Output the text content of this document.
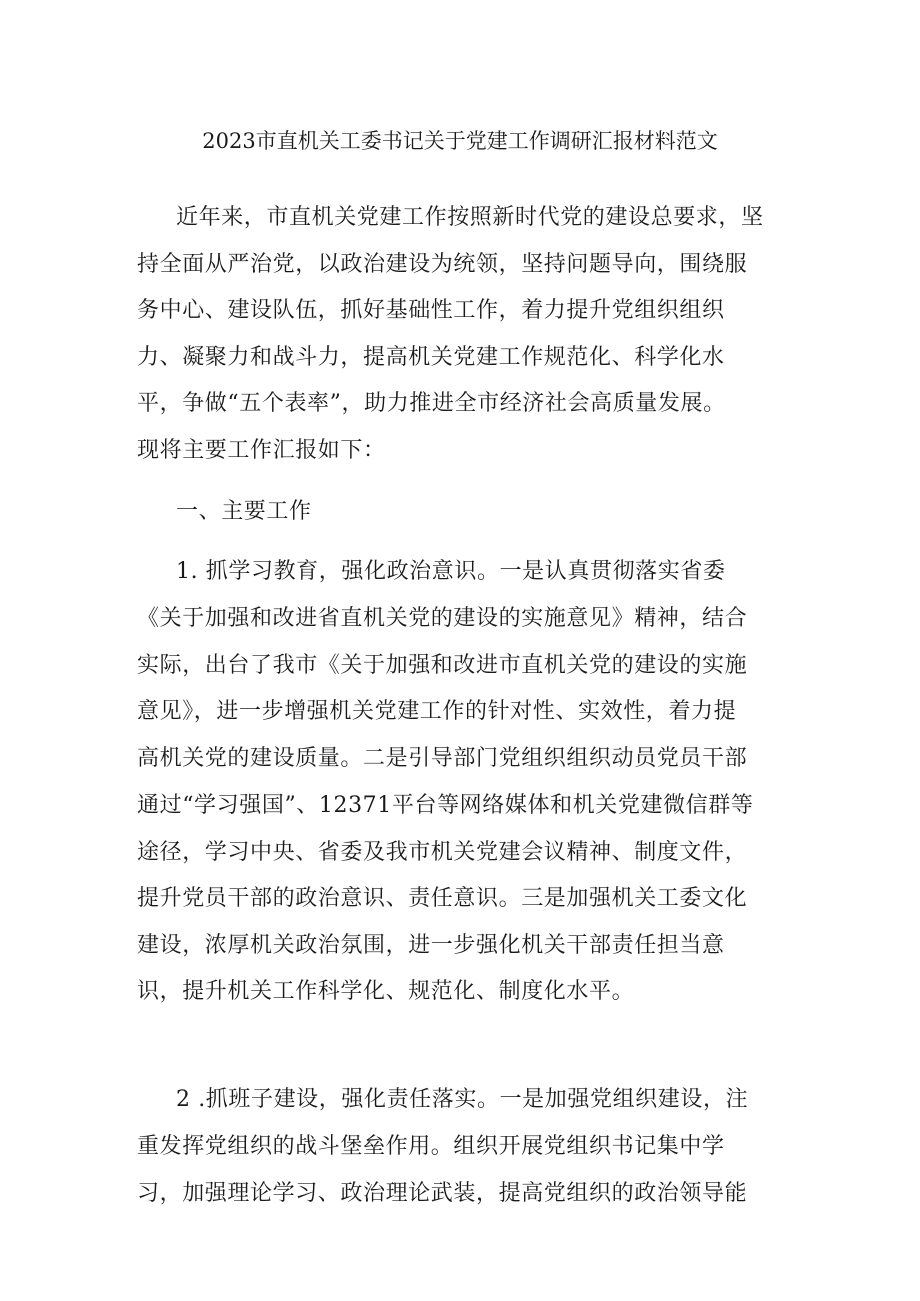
2023市直机关工委书记关于党建工作调研汇报材料范文
近年来，市直机关党建工作按照新时代党的建设总要求，坚
持全面从严治党，以政治建设为统领，坚持问题导向，围绕服
务中心、建设队伍，抓好基础性工作，着力提升党组织组织
力、凝聚力和战斗力，提高机关党建工作规范化、科学化水
平，争做“五个表率”，助力推进全市经济社会高质量发展。
现将主要工作汇报如下：
一、主要工作
1. 抓学习教育，强化政治意识。一是认真贯彻落实省委
《关于加强和改进省直机关党的建设的实施意见》精神，结合
实际，出台了我市《关于加强和改进市直机关党的建设的实施
意见》，进一步增强机关党建工作的针对性、实效性，着力提
高机关党的建设质量。二是引导部门党组织组织动员党员干部
通过“学习强国”、12371平台等网络媒体和机关党建微信群等
途径，学习中央、省委及我市机关党建会议精神、制度文件，
提升党员干部的政治意识、责任意识。三是加强机关工委文化
建设，浓厚机关政治氛围，进一步强化机关干部责任担当意
识，提升机关工作科学化、规范化、制度化水平。
2 .抓班子建设，强化责任落实。一是加强党组织建设，注
重发挥党组织的战斗堡垒作用。组织开展党组织书记集中学
习，加强理论学习、政治理论武装，提高党组织的政治领导能
